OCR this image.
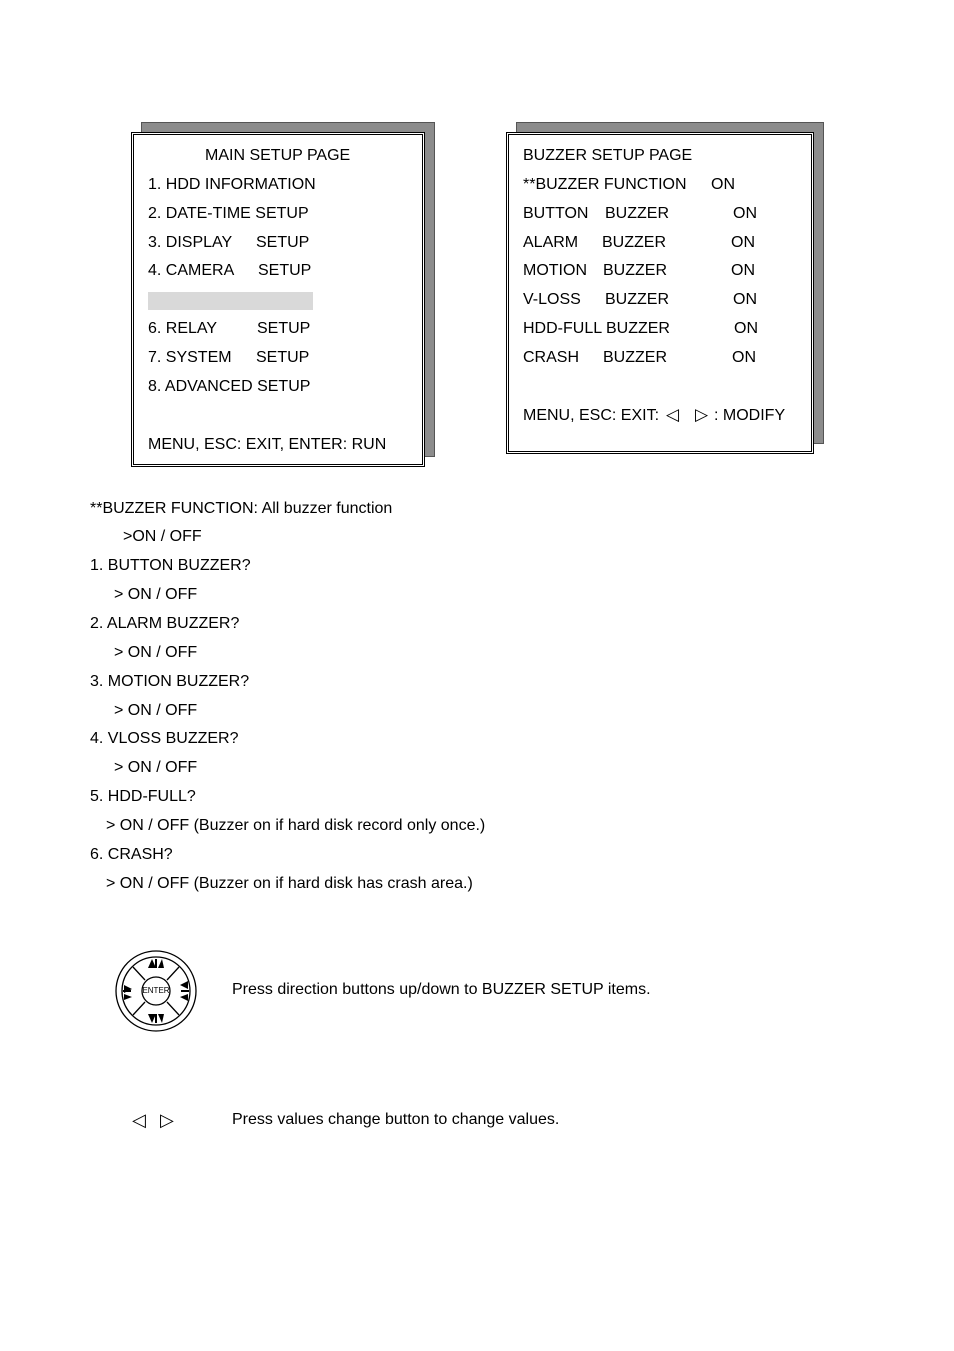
MAIN SETUP PAGE
1. HDD INFORMATION
2. DATE-TIME SETUP
3. DISPLAY SETUP
4. CAMERA SETUP
6. RELAY SETUP
7. SYSTEM SETUP
8. ADVANCED SETUP
MENU, ESC: EXIT, ENTER: RUN
BUZZER SETUP PAGE
**BUZZER FUNCTION ON
BUTTON BUZZER	ON
ALARM BUZZER	ON
MOTION BUZZER	ON
V-LOSS BUZZER	ON
HDD-FULL BUZZER	ON
CRASH BUZZER	ON
MENU, ESC: EXIT: ◁ ▷ : MODIFY
**BUZZER FUNCTION: All buzzer function
>ON / OFF
1. BUTTON BUZZER?
> ON / OFF
2. ALARM BUZZER?
> ON / OFF
3. MOTION BUZZER?
> ON / OFF
4. VLOSS BUZZER?
> ON / OFF
5. HDD-FULL?
> ON / OFF (Buzzer on if hard disk record only once.)
6. CRASH?
> ON / OFF (Buzzer on if hard disk has crash area.)
ENTER	Press direction buttons up/down to BUZZER SETUP items.
◁ ▷	Press values change button to change values.
